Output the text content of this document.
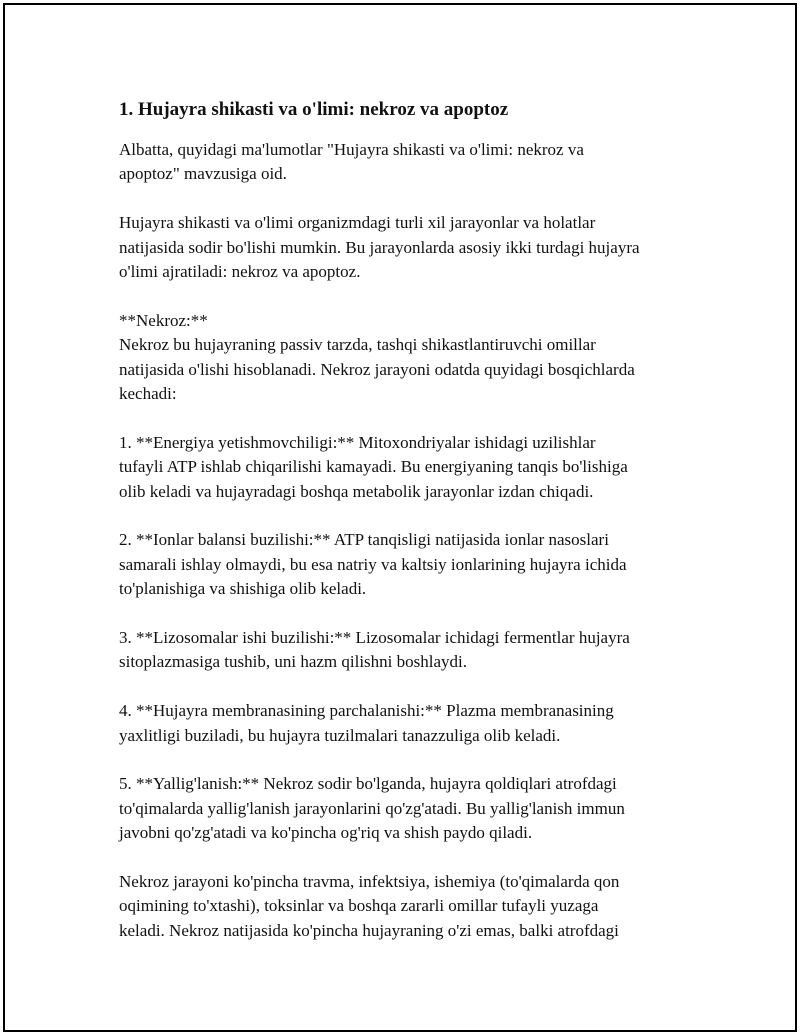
1. Hujayra shikasti va o'limi: nekroz va apoptoz

Albatta, quyidagi ma'lumotlar "Hujayra shikasti va o'limi: nekroz va
apoptoz" mavzusiga oid.

Hujayra shikasti va o'limi organizmdagi turli xil jarayonlar va holatlar
natijasida sodir bo'lishi mumkin. Bu jarayonlarda asosiy ikki turdagi hujayra
o'limi ajratiladi: nekroz va apoptoz.

**Nekroz:**
Nekroz bu hujayraning passiv tarzda, tashqi shikastlantiruvchi omillar
natijasida o'lishi hisoblanadi. Nekroz jarayoni odatda quyidagi bosqichlarda
kechadi:

1. **Energiya yetishmovchiligi:** Mitoxondriyalar ishidagi uzilishlar
tufayli ATP ishlab chiqarilishi kamayadi. Bu energiyaning tanqis bo'lishiga
olib keladi va hujayradagi boshqa metabolik jarayonlar izdan chiqadi.

2. **Ionlar balansi buzilishi:** ATP tanqisligi natijasida ionlar nasoslari
samarali ishlay olmaydi, bu esa natriy va kaltsiy ionlarining hujayra ichida
to'planishiga va shishiga olib keladi.

3. **Lizosomalar ishi buzilishi:** Lizosomalar ichidagi fermentlar hujayra
sitoplazmasiga tushib, uni hazm qilishni boshlaydi.

4. **Hujayra membranasining parchalanishi:** Plazma membranasining
yaxlitligi buziladi, bu hujayra tuzilmalari tanazzuliga olib keladi.

5. **Yallig'lanish:** Nekroz sodir bo'lganda, hujayra qoldiqlari atrofdagi
to'qimalarda yallig'lanish jarayonlarini qo'zg'atadi. Bu yallig'lanish immun
javobni qo'zg'atadi va ko'pincha og'riq va shish paydo qiladi.

Nekroz jarayoni ko'pincha travma, infektsiya, ishemiya (to'qimalarda qon
oqimining to'xtashi), toksinlar va boshqa zararli omillar tufayli yuzaga
keladi. Nekroz natijasida ko'pincha hujayraning o'zi emas, balki atrofdagi
